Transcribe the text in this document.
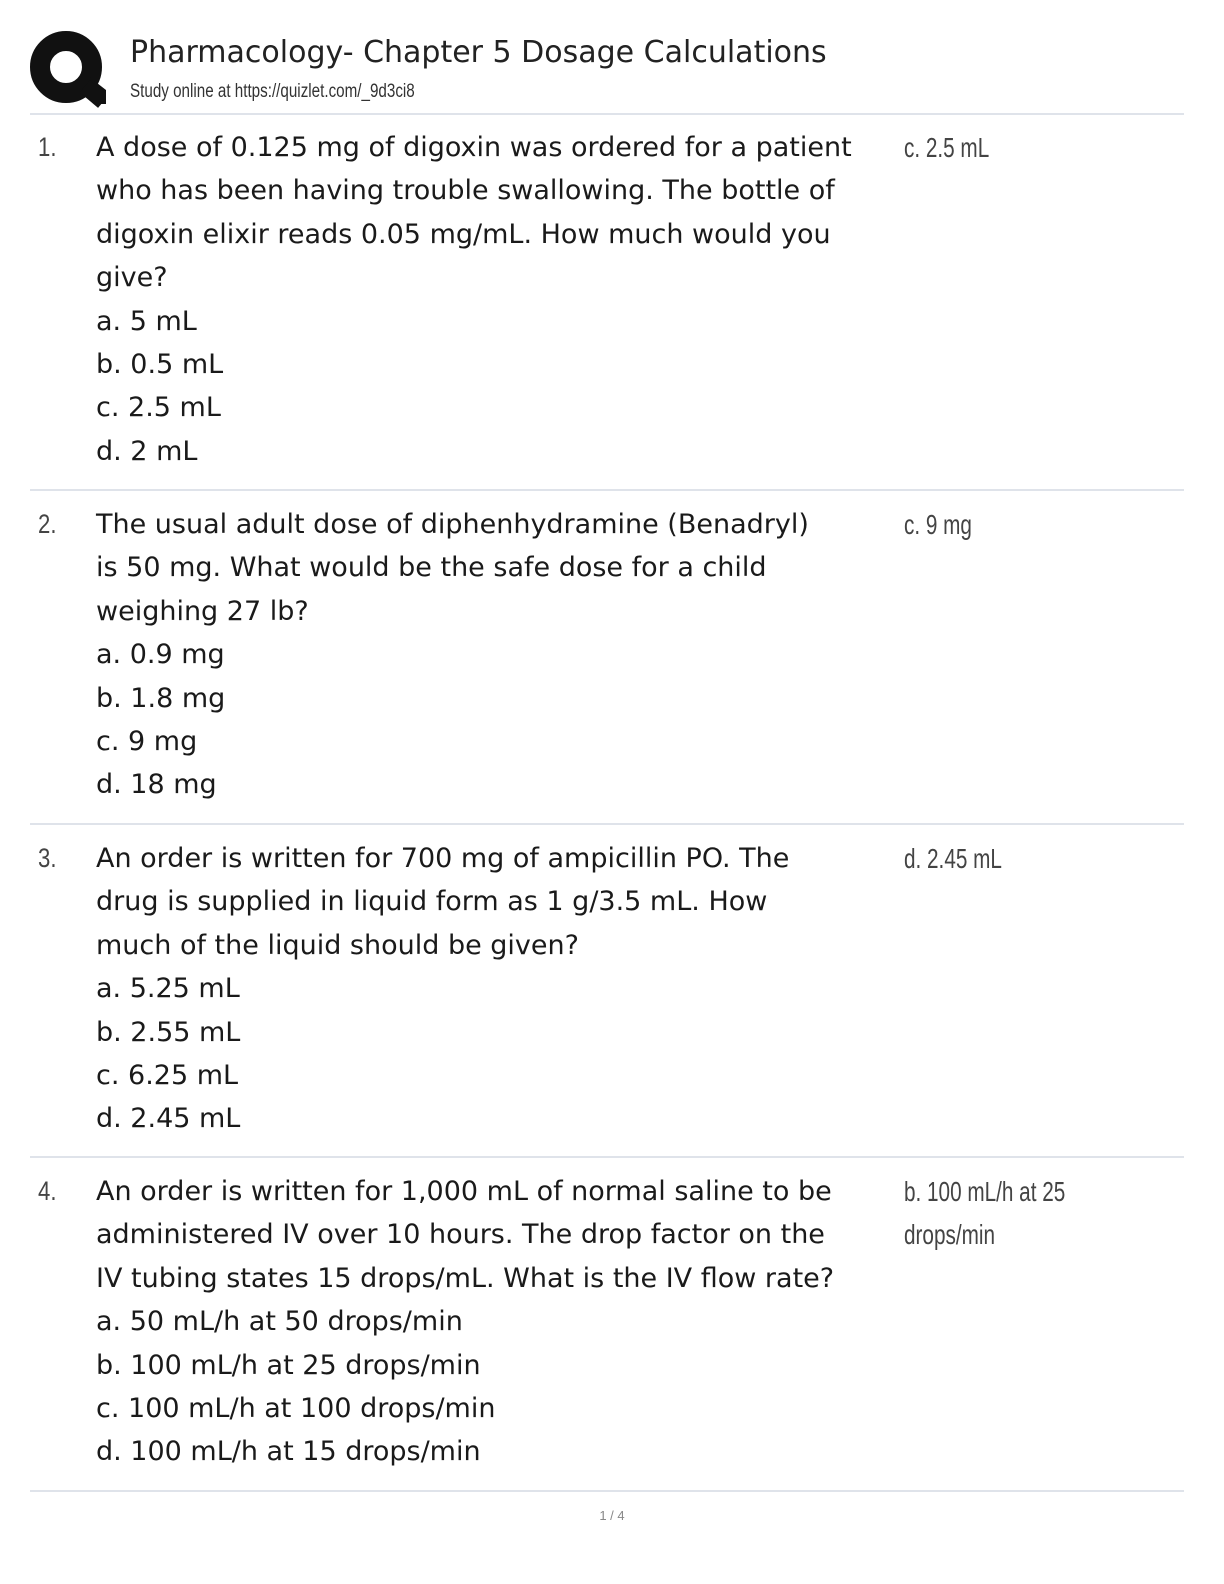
Pharmacology- Chapter 5 Dosage Calculations
Study online at https://quizlet.com/_9d3ci8
1. A dose of 0.125 mg of digoxin was ordered for a patient
who has been having trouble swallowing. The bottle of
digoxin elixir reads 0.05 mg/mL. How much would you
give?
a. 5 mL
b. 0.5 mL
c. 2.5 mL
d. 2 mL
c. 2.5 mL
2. The usual adult dose of diphenhydramine (Benadryl)
is 50 mg. What would be the safe dose for a child
weighing 27 lb?
a. 0.9 mg
b. 1.8 mg
c. 9 mg
d. 18 mg
c. 9 mg
3. An order is written for 700 mg of ampicillin PO. The
drug is supplied in liquid form as 1 g/3.5 mL. How
much of the liquid should be given?
a. 5.25 mL
b. 2.55 mL
c. 6.25 mL
d. 2.45 mL
d. 2.45 mL
4. An order is written for 1,000 mL of normal saline to be
administered IV over 10 hours. The drop factor on the
IV tubing states 15 drops/mL. What is the IV flow rate?
a. 50 mL/h at 50 drops/min
b. 100 mL/h at 25 drops/min
c. 100 mL/h at 100 drops/min
d. 100 mL/h at 15 drops/min
b. 100 mL/h at 25
drops/min
1 / 4
